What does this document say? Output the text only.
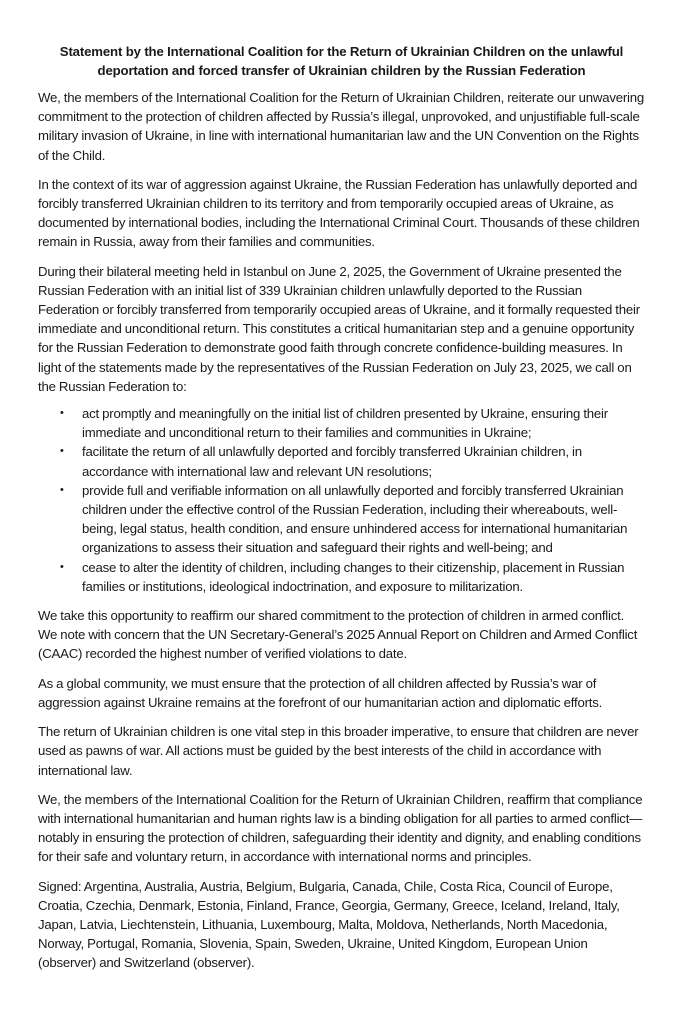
Statement by the International Coalition for the Return of Ukrainian Children on the unlawful deportation and forced transfer of Ukrainian children by the Russian Federation

We, the members of the International Coalition for the Return of Ukrainian Children, reiterate our unwavering commitment to the protection of children affected by Russia’s illegal, unprovoked, and unjustifiable full-scale military invasion of Ukraine, in line with international humanitarian law and the UN Convention on the Rights of the Child.

In the context of its war of aggression against Ukraine, the Russian Federation has unlawfully deported and forcibly transferred Ukrainian children to its territory and from temporarily occupied areas of Ukraine, as documented by international bodies, including the International Criminal Court. Thousands of these children remain in Russia, away from their families and communities.

During their bilateral meeting held in Istanbul on June 2, 2025, the Government of Ukraine presented the Russian Federation with an initial list of 339 Ukrainian children unlawfully deported to the Russian Federation or forcibly transferred from temporarily occupied areas of Ukraine, and it formally requested their immediate and unconditional return. This constitutes a critical humanitarian step and a genuine opportunity for the Russian Federation to demonstrate good faith through concrete confidence-building measures. In light of the statements made by the representatives of the Russian Federation on July 23, 2025, we call on the Russian Federation to:

• act promptly and meaningfully on the initial list of children presented by Ukraine, ensuring their immediate and unconditional return to their families and communities in Ukraine;
• facilitate the return of all unlawfully deported and forcibly transferred Ukrainian children, in accordance with international law and relevant UN resolutions;
• provide full and verifiable information on all unlawfully deported and forcibly transferred Ukrainian children under the effective control of the Russian Federation, including their whereabouts, well-being, legal status, health condition, and ensure unhindered access for international humanitarian organizations to assess their situation and safeguard their rights and well-being; and
• cease to alter the identity of children, including changes to their citizenship, placement in Russian families or institutions, ideological indoctrination, and exposure to militarization.

We take this opportunity to reaffirm our shared commitment to the protection of children in armed conflict. We note with concern that the UN Secretary-General’s 2025 Annual Report on Children and Armed Conflict (CAAC) recorded the highest number of verified violations to date.

As a global community, we must ensure that the protection of all children affected by Russia’s war of aggression against Ukraine remains at the forefront of our humanitarian action and diplomatic efforts.

The return of Ukrainian children is one vital step in this broader imperative, to ensure that children are never used as pawns of war. All actions must be guided by the best interests of the child in accordance with international law.

We, the members of the International Coalition for the Return of Ukrainian Children, reaffirm that compliance with international humanitarian and human rights law is a binding obligation for all parties to armed conflict—notably in ensuring the protection of children, safeguarding their identity and dignity, and enabling conditions for their safe and voluntary return, in accordance with international norms and principles.

Signed: Argentina, Australia, Austria, Belgium, Bulgaria, Canada, Chile, Costa Rica, Council of Europe, Croatia, Czechia, Denmark, Estonia, Finland, France, Georgia, Germany, Greece, Iceland, Ireland, Italy, Japan, Latvia, Liechtenstein, Lithuania, Luxembourg, Malta, Moldova, Netherlands, North Macedonia, Norway, Portugal, Romania, Slovenia, Spain, Sweden, Ukraine, United Kingdom, European Union (observer) and Switzerland (observer).
